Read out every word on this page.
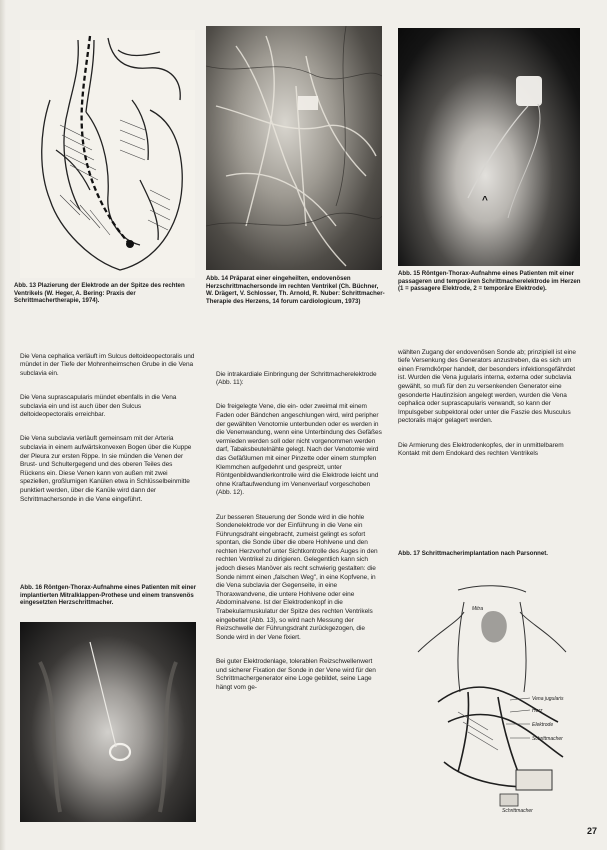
Abb. 13 Plazierung der Elektrode an der Spitze des rechten Ventrikels (W. Heger, A. Bering: Praxis der Schrittmachertherapie, 1974).
Abb. 14 Präparat einer eingeheilten, endovenösen Herzschrittmachersonde im rechten Ventrikel (Ch. Büchner, W. Drägert, V. Schlosser, Th. Arnold, R. Nuber: Schrittmacher-Therapie des Herzens, 14 forum cardiologicum, 1973)
^
Abb. 15 Röntgen-Thorax-Aufnahme eines Patienten mit einer passageren und temporären Schrittmacherelektrode im Herzen (1 = passagere Elektrode, 2 = temporäre Elektrode).

Die Vena cephalica verläuft im Sulcus deltoideopectoralis und mündet in der Tiefe der Mohrenheimschen Grube in die Vena subclavia ein.

Die Vena suprascapularis mündet ebenfalls in die Vena subclavia ein und ist auch über den Sulcus deltoideopectoralis erreichbar.

Die Vena subclavia verläuft gemeinsam mit der Arteria subclavia in einem aufwärtskonvexen Bogen über die Kuppe der Pleura zur ersten Rippe. In sie münden die Venen der Brust- und Schultergegend und des oberen Teiles des Rückens ein. Diese Venen kann von außen mit zwei speziellen, großlumigen Kanülen etwa in Schlüsselbeinmitte punktiert werden, über die Kanüle wird dann der Schrittmachersonde in die Vene eingeführt.

Abb. 16 Röntgen-Thorax-Aufnahme eines Patienten mit einer implantierten Mitralklappen-Prothese und einem transvenös eingesetzten Herzschrittmacher.

Die intrakardiale Einbringung der Schrittmacherelektrode (Abb. 11):

Die freigelegte Vene, die ein- oder zweimal mit einem Faden oder Bändchen angeschlungen wird, wird peripher der gewählten Venotomie unterbunden oder es werden in die Venenwandung, wenn eine Unterbindung des Gefäßes vermieden werden soll oder nicht vorgenommen werden darf, Tabaksbeutelnähte gelegt. Nach der Venotomie wird das Gefäßlumen mit einer Pinzette oder einem stumpfen Klemmchen aufgedehnt und gespreizt, unter Röntgenbildwandlerkontrolle wird die Elektrode leicht und ohne Kraftaufwendung im Venenverlauf vorgeschoben (Abb. 12).

Zur besseren Steuerung der Sonde wird in die hohle Sondenelektrode vor der Einführung in die Vene ein Führungsdraht eingebracht, zumeist gelingt es sofort spontan, die Sonde über die obere Hohlvene und den rechten Herzvorhof unter Sichtkontrolle des Auges in den rechten Ventrikel zu dirigieren. Gelegentlich kann sich jedoch dieses Manöver als recht schwierig gestalten: die Sonde nimmt einen „falschen Weg", in eine Kopfvene, in die Vena subclavia der Gegenseite, in eine Thoraxwandvene, die untere Hohlvene oder eine Abdominalvene. Ist der Elektrodenkopf in die Trabekularmuskulatur der Spitze des rechten Ventrikels eingebettet (Abb. 13), so wird nach Messung der Reizschwelle der Führungsdraht zurückgezogen, die Sonde wird in der Vene fixiert.

Bei guter Elektrodenlage, tolerablen Reizschwellenwert und sicherer Fixation der Sonde in der Vene wird für den Schrittmachergenerator eine Loge gebildet, seine Lage hängt vom ge-

wählten Zugang der endovenösen Sonde ab; prinzipiell ist eine tiefe Versenkung des Generators anzustreben, da es sich um einen Fremdkörper handelt, der besonders infektionsgefährdet ist. Wurden die Vena jugularis interna, externa oder subclavia gewählt, so muß für den zu versenkenden Generator eine gesonderte Hautinzision angelegt werden, wurden die Vena cephalica oder suprascapularis verwandt, so kann der Impulsgeber subpektoral oder unter die Faszie des Musculus pectoralis major gelagert werden.

Die Armierung des Elektrodenkopfes, der in unmittelbarem Kontakt mit dem Endokard des rechten Ventrikels

Abb. 17 Schrittmacherimplantation nach Parsonnet.
Mitra
Vena jugularis
Herz
Elektrode
Schrittmacher
Schrittmacher
27
